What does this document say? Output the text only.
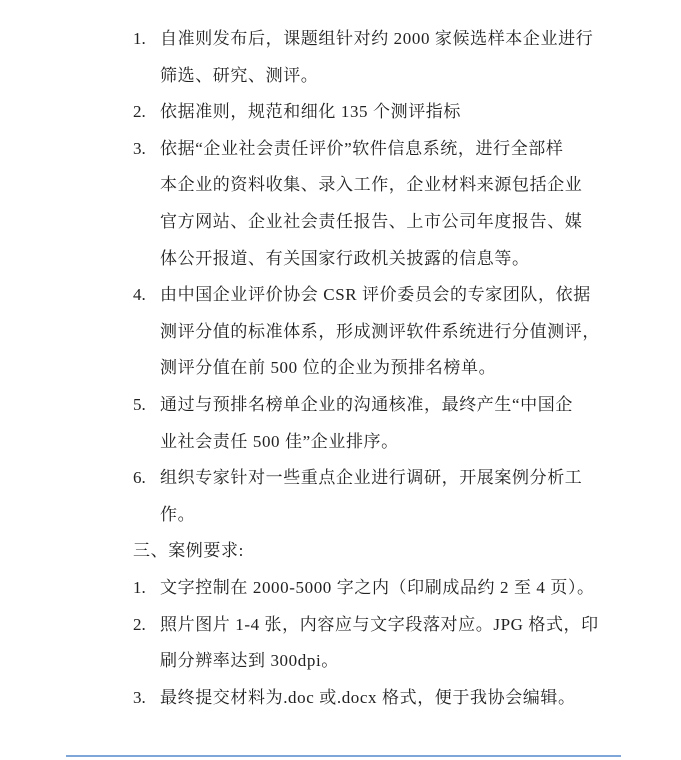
1. 自准则发布后，课题组针对约 2000 家候选样本企业进行
筛选、研究、测评。
2. 依据准则，规范和细化 135 个测评指标
3. 依据“企业社会责任评价”软件信息系统，进行全部样
本企业的资料收集、录入工作，企业材料来源包括企业
官方网站、企业社会责任报告、上市公司年度报告、媒
体公开报道、有关国家行政机关披露的信息等。
4. 由中国企业评价协会 CSR 评价委员会的专家团队，依据
测评分值的标准体系，形成测评软件系统进行分值测评，
测评分值在前 500 位的企业为预排名榜单。
5. 通过与预排名榜单企业的沟通核准，最终产生“中国企
业社会责任 500 佳”企业排序。
6. 组织专家针对一些重点企业进行调研，开展案例分析工
作。
三、案例要求:
1. 文字控制在 2000-5000 字之内（印刷成品约 2 至 4 页）。
2. 照片图片 1-4 张，内容应与文字段落对应。JPG 格式，印
刷分辨率达到 300dpi。
3. 最终提交材料为.doc 或.docx 格式，便于我协会编辑。
